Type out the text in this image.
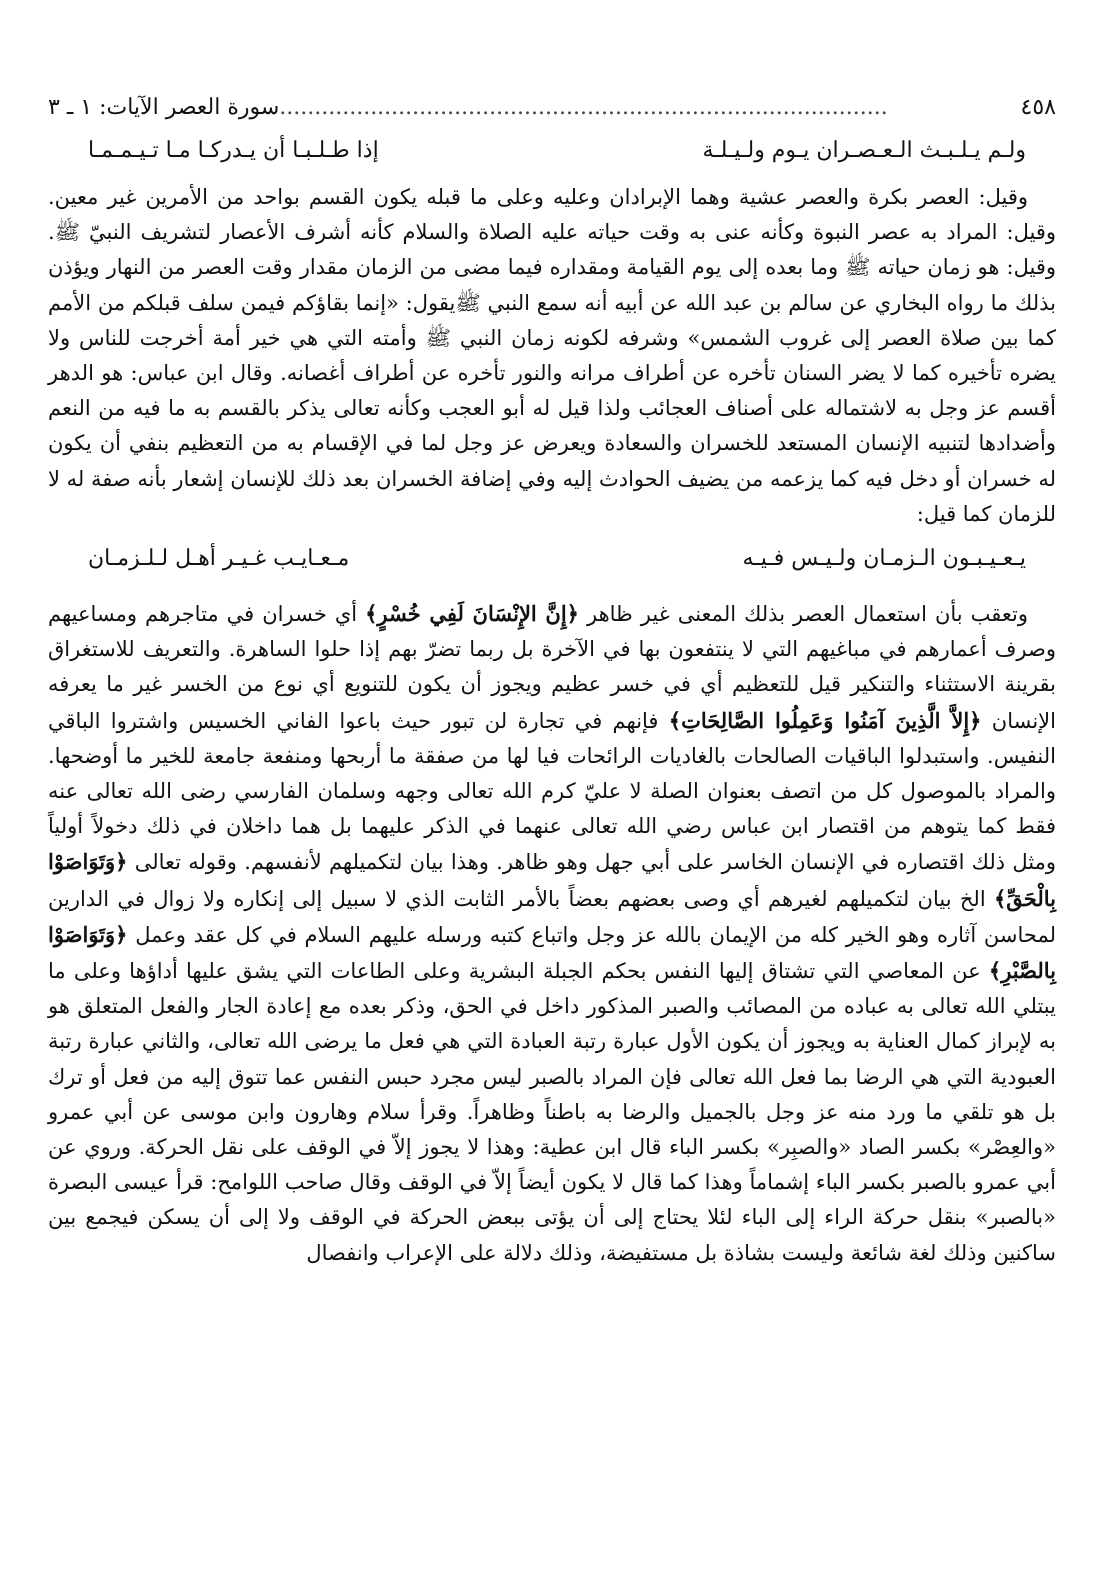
٤٥٨
.......................................................................................سورة العصر الآيات: ١ ـ ٣
ولـم يـلـبـث الـعـصـران يـوم ولـيـلـة
إذا طـلـبـا أن يـدركـا مـا تـيـمـمـا

وقيل: العصر بكرة والعصر عشية وهما الإبرادان وعليه وعلى ما قبله يكون القسم بواحد من الأمرين غير معين. وقيل: المراد به عصر النبوة وكأنه عنى به وقت حياته عليه الصلاة والسلام كأنه أشرف الأعصار لتشريف النبيّ ﷺ. وقيل: هو زمان حياته ﷺ وما بعده إلى يوم القيامة ومقداره فيما مضى من الزمان مقدار وقت العصر من النهار ويؤذن بذلك ما رواه البخاري عن سالم بن عبد الله عن أبيه أنه سمع النبي ﷺيقول: «إنما بقاؤكم فيمن سلف قبلكم من الأمم كما بين صلاة العصر إلى غروب الشمس» وشرفه لكونه زمان النبي ﷺ وأمته التي هي خير أمة أخرجت للناس ولا يضره تأخيره كما لا يضر السنان تأخره عن أطراف مرانه والنور تأخره عن أطراف أغصانه. وقال ابن عباس: هو الدهر أقسم عز وجل به لاشتماله على أصناف العجائب ولذا قيل له أبو العجب وكأنه تعالى يذكر بالقسم به ما فيه من النعم وأضدادها لتنبيه الإنسان المستعد للخسران والسعادة ويعرض عز وجل لما في الإقسام به من التعظيم بنفي أن يكون له خسران أو دخل فيه كما يزعمه من يضيف الحوادث إليه وفي إضافة الخسران بعد ذلك للإنسان إشعار بأنه صفة له لا للزمان كما قيل:

يـعـيـبـون الـزمـان ولـيـس فـيـه
مـعـايـب غـيـر أهـل لـلـزمـان

وتعقب بأن استعمال العصر بذلك المعنى غير ظاهر ﴿إِنَّ الإِنْسَانَ لَفِي خُسْرٍ﴾ أي خسران في متاجرهم ومساعيهم وصرف أعمارهم في مباغيهم التي لا ينتفعون بها في الآخرة بل ربما تضرّ بهم إذا حلوا الساهرة. والتعريف للاستغراق بقرينة الاستثناء والتنكير قيل للتعظيم أي في خسر عظيم ويجوز أن يكون للتنويع أي نوع من الخسر غير ما يعرفه الإنسان ﴿إِلاَّ الَّذِينَ آمَنُوا وَعَمِلُوا الصَّالِحَاتِ﴾ فإنهم في تجارة لن تبور حيث باعوا الفاني الخسيس واشتروا الباقي النفيس. واستبدلوا الباقيات الصالحات بالغاديات الرائحات فيا لها من صفقة ما أربحها ومنفعة جامعة للخير ما أوضحها. والمراد بالموصول كل من اتصف بعنوان الصلة لا عليّ كرم الله تعالى وجهه وسلمان الفارسي رضى الله تعالى عنه فقط كما يتوهم من اقتصار ابن عباس رضي الله تعالى عنهما في الذكر عليهما بل هما داخلان في ذلك دخولاً أولياً ومثل ذلك اقتصاره في الإنسان الخاسر على أبي جهل وهو ظاهر. وهذا بيان لتكميلهم لأنفسهم. وقوله تعالى ﴿وَتَوَاصَوْا بِالْحَقِّ﴾ الخ بيان لتكميلهم لغيرهم أي وصى بعضهم بعضاً بالأمر الثابت الذي لا سبيل إلى إنكاره ولا زوال في الدارين لمحاسن آثاره وهو الخير كله من الإيمان بالله عز وجل واتباع كتبه ورسله عليهم السلام في كل عقد وعمل ﴿وَتَوَاصَوْا بِالصَّبْرِ﴾ عن المعاصي التي تشتاق إليها النفس بحكم الجبلة البشرية وعلى الطاعات التي يشق عليها أداؤها وعلى ما يبتلي الله تعالى به عباده من المصائب والصبر المذكور داخل في الحق، وذكر بعده مع إعادة الجار والفعل المتعلق هو به لإبراز كمال العناية به ويجوز أن يكون الأول عبارة رتبة العبادة التي هي فعل ما يرضى الله تعالى، والثاني عبارة رتبة العبودية التي هي الرضا بما فعل الله تعالى فإن المراد بالصبر ليس مجرد حبس النفس عما تتوق إليه من فعل أو ترك بل هو تلقي ما ورد منه عز وجل بالجميل والرضا به باطناً وظاهراً. وقرأ سلام وهارون وابن موسى عن أبي عمرو «والعِصْر» بكسر الصاد «والصبِر» بكسر الباء قال ابن عطية: وهذا لا يجوز إلاّ في الوقف على نقل الحركة. وروي عن أبي عمرو بالصبر بكسر الباء إشماماً وهذا كما قال لا يكون أيضاً إلاّ في الوقف وقال صاحب اللوامح: قرأ عيسى البصرة «بالصبر» بنقل حركة الراء إلى الباء لئلا يحتاج إلى أن يؤتى ببعض الحركة في الوقف ولا إلى أن يسكن فيجمع بين ساكنين وذلك لغة شائعة وليست بشاذة بل مستفيضة، وذلك دلالة على الإعراب وانفصال
